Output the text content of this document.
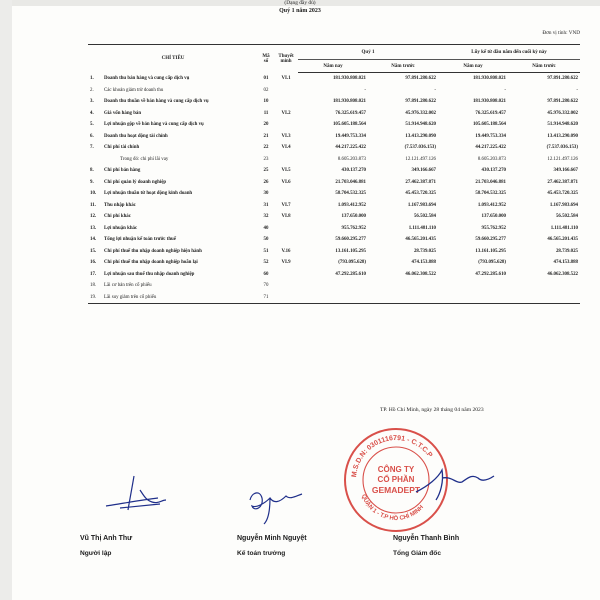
(Dạng đầy đủ)
Quý 1 năm 2023
Đơn vị tính: VND
CHỈ TIÊU	Mã số	Thuyết minh	Quý 1		Lũy kế từ đầu năm đến cuối kỳ này	
			Năm nay	Năm trước	Năm nay	Năm trước
1. Doanh thu bán hàng và cung cấp dịch vụ	01	VI.1	181.930.808.021	97.891.280.622	181.930.808.021	97.891.280.622
2. Các khoản giảm trừ doanh thu	02		-	-	-	-
3. Doanh thu thuần về bán hàng và cung cấp dịch vụ	10		181.930.808.021	97.891.280.622	181.930.808.021	97.891.280.622
4. Giá vốn hàng bán	11	VI.2	76.325.619.457	45.976.332.002	76.325.619.457	45.976.332.002
5. Lợi nhuận gộp về bán hàng và cung cấp dịch vụ	20		105.605.188.564	51.914.948.620	105.605.188.564	51.914.948.620
6. Doanh thu hoạt động tài chính	21	VI.3	19.449.753.334	13.413.290.090	19.449.753.334	13.413.290.090
7. Chi phí tài chính	22	VI.4	44.217.225.422	(7.537.036.153)	44.217.225.422	(7.537.036.153)
Trong đó: chi phí lãi vay	23		8.605.203.873	12.121.497.126	8.605.203.873	12.121.497.126
8. Chi phí bán hàng	25	VI.5	430.137.270	349.166.667	430.137.270	349.166.667
9. Chi phí quản lý doanh nghiệp	26	VI.6	21.703.046.881	27.462.387.871	21.703.046.881	27.462.387.871
10. Lợi nhuận thuần từ hoạt động kinh doanh	30		58.704.532.325	45.453.720.325	58.704.532.325	45.453.720.325
11. Thu nhập khác	31	VI.7	1.093.412.952	1.167.983.694	1.093.412.952	1.167.983.694
12. Chi phí khác	32	VI.8	137.650.000	56.502.584	137.650.000	56.502.584
13. Lợi nhuận khác	40		955.762.952	1.111.481.110	955.762.952	1.111.481.110
14. Tổng lợi nhuận kế toán trước thuế	50		59.660.295.277	46.565.201.435	59.660.295.277	46.565.201.435
15. Chi phí thuế thu nhập doanh nghiệp hiện hành	51	V.16	13.161.105.295	28.739.025	13.161.105.295	28.739.025
16. Chi phí thuế thu nhập doanh nghiệp hoãn lại	52	VI.9	(793.095.628)	474.153.888	(793.095.628)	474.153.888
17. Lợi nhuận sau thuế thu nhập doanh nghiệp	60		47.292.285.610	46.062.308.522	47.292.285.610	46.062.308.522
18. Lãi cơ bản trên cổ phiếu	70					
19. Lãi suy giảm trên cổ phiếu	71					
TP. Hồ Chí Minh, ngày 28 tháng 04 năm 2023
M.S.D.N: 0301116791 - C.T.C.P
QUẬN 1 - T.P HỒ CHÍ MINH
CÔNG TY
CỔ PHẦN
GEMADEPT
Vũ Thị Anh Thư
Người lập
Nguyễn Minh Nguyệt
Kế toán trưởng
Nguyễn Thanh Bình
Tổng Giám đốc
